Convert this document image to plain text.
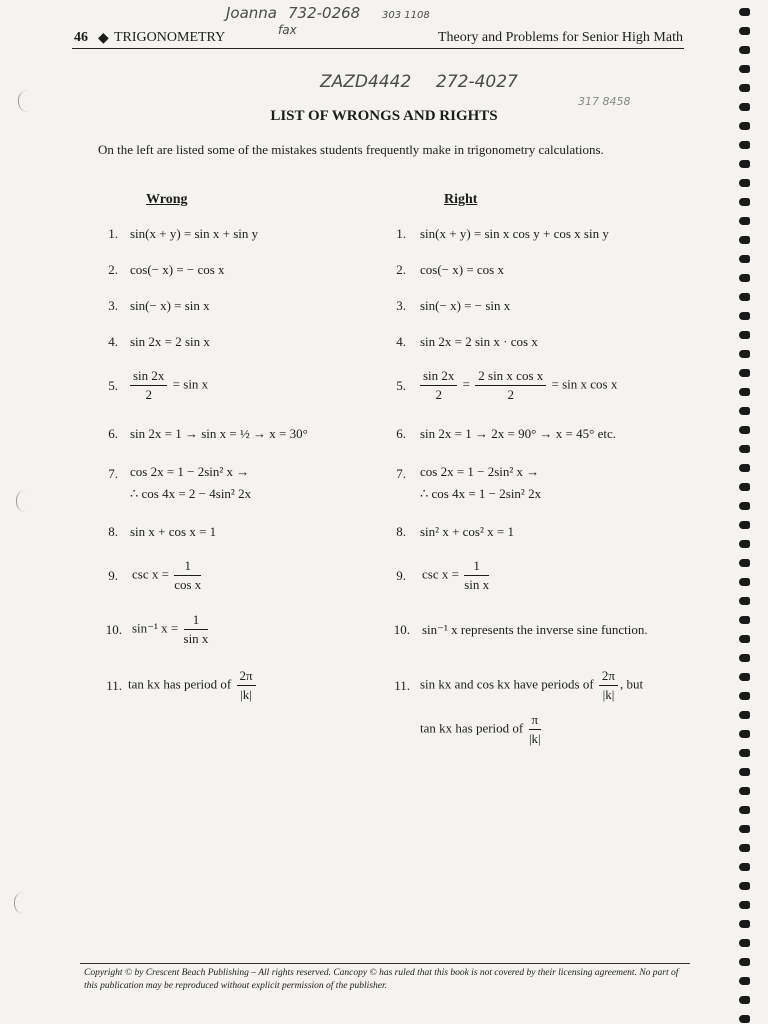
Joanna 732-0268 303 1108
fax
ZAZD4442 272-4027
317 8458
46 ◆ TRIGONOMETRY	Theory and Problems for Senior High Math
LIST OF WRONGS AND RIGHTS
On the left are listed some of the mistakes students frequently make in trigonometry calculations.
Wrong	Right
1.
2.
3.
4.
5.
6.
7.
8.
9.
10.
11.
1.
2.
3.
4.
5.
6.
7.
8.
9.
10.
11.
sin(x + y) = sin x + sin y
cos(− x) = − cos x
sin(− x) = sin x
sin 2x = 2 sin x
$\frac{\sin 2x}{2} = \sin x$
sin 2x = 1 → sin x = ½ → x = 30°
cos 2x = 1 − 2sin² x →
∴ cos 4x = 2 − 4sin² 2x
sin x + cos x = 1
$\csc x = \frac{1}{\text{cos x}}$
sin⁻¹ $x = \frac{1}{\text{sin x}}$
tan kx has period of $\frac{2\pi}{|k|}$
sin(x + y) = sin x cos y + cos x sin y
cos(− x) = cos x
sin(− x) = − sin x
sin 2x = 2 sin x · cos x
$\frac{\sin 2x}{2} = \frac{\text{2 sin x cos x}}{2} = \sin x$ cos x
sin 2x = 1 → 2x = 90° → x = 45° etc.
cos 2x = 1 − 2sin² x →
∴ cos 4x = 1 − 2sin² 2x
sin² x + cos² x = 1
$\csc x = \frac{1}{\text{sin x}}$
sin⁻¹ x represents the inverse sine function.
sin kx and cos kx have periods of $\frac{2\pi}{|k|}$ , but
tan kx has period of $\frac{\pi}{|k|}$
Copyright © by Crescent Beach Publishing – All rights reserved. Cancopy © has ruled that this book is not covered by their licensing agreement. No part of this publication may be reproduced without explicit permission of the publisher.
